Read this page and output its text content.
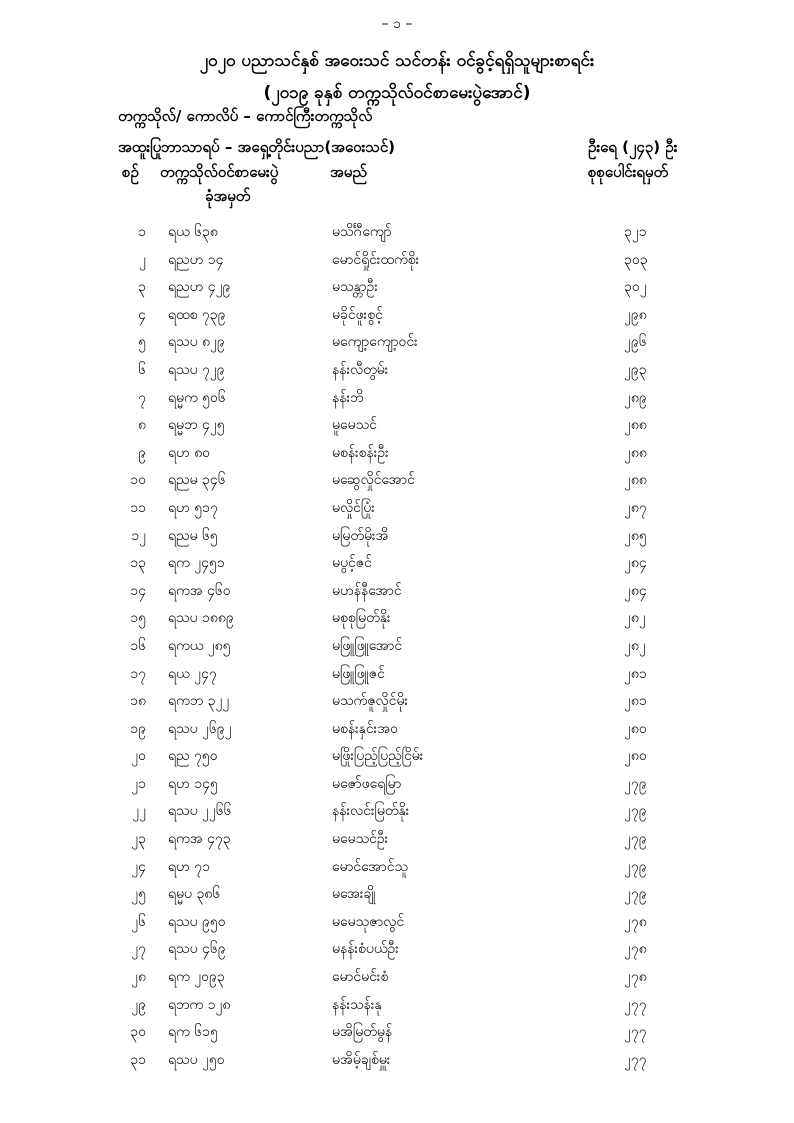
– ၁ –
၂၀၂၀ ပညာသင်နှစ် အဝေးသင် သင်တန်း ဝင်ခွင့်ရရှိသူများစာရင်း
(၂၀၁၉ ခုနှစ် တက္ကသိုလ်ဝင်စာမေးပွဲအောင်)
တက္ကသိုလ်/ ကောလိပ် – ကောင်ကြီးတက္ကသိုလ်
အထူးပြုဘာသာရပ် – အရှေ့တိုင်းပညာ(အဝေးသင်)	ဦးရေ (၂၄၃) ဦး
စဉ် တက္ကသိုလ်ဝင်စာမေးပွဲ
ခုံအမှတ်
အမည်	စုစုပေါင်းရမှတ်
၁ ရယ ၆၃၈	မသိင်္ဂီကျော်	၃၂၁
၂ ရညဟ ၁၄	မောင်ရှိုင်းထက်စိုး	၃၀၃
၃ ရညဟ ၄၂၉	မသန္တာဦး	၃၀၂
၄ ရထစ ၇၃၉	မခိုင်ဖူးစွင့်	၂၉၈
၅ ရသပ ၈၂၉	မကျော့ကျော့ဝင်း	၂၉၆
၆ ရသပ ၇၂၉	နန်းလီတွမ်း	၂၉၃
၇ ရမ္မက ၅၀၆	နန်းဘိ	၂၈၉
၈ ရမ္မဘ ၄၂၅	မူမေသင်	၂၈၈
၉ ရဟ ၈၀	မစန်းစန်းဦး	၂၈၈
၁၀ ရညမ ၃၄၆	မဆွေလှိုင်အောင်	၂၈၈
၁၁ ရဟ ၅၁၇	မလှိုင်ပြုံး	၂၈၇
၁၂ ရညမ ၆၅	မမြတ်မိုးအိ	၂၈၅
၁၃ ရက ၂၄၅၁	မပွင့်ဇင်	၂၈၄
၁၄ ရကအ ၄၆၀	မဟန်နီအောင်	၂၈၄
၁၅ ရသပ ၁၈၈၉	မစုစုမြတ်နိုး	၂၈၂
၁၆ ရကယ ၂၈၅	မဖြူဖြူအောင်	၂၈၂
၁၇ ရယ ၂၄၇	မဖြူဖြူဇင်	၂၈၁
၁၈ ရကဘ ၃၂၂	မသက်ဇူလှိုင်မိုး	၂၈၁
၁၉ ရသပ ၂၆၉၂	မစန်းနှင်းအဝ	၂၈၀
၂၀ ရည ၇၅၀	မဖြိုးပြည့်ပြည့်ငြိမ်း	၂၈၀
၂၁ ရဟ ၁၄၅	မဇော်ဖရေမြာ	၂၇၉
၂၂ ရသပ ၂၂၆၆	နန်းလင်းမြတ်နိုး	၂၇၉
၂၃ ရကအ ၄၇၃	မမေသင်ဦး	၂၇၉
၂၄ ရဟ ၇၁	မောင်အောင်သူ	၂၇၉
၂၅ ရမ္မပ ၃၈၆	မအေးချို	၂၇၉
၂၆ ရသပ ၉၅၀	မမေသုဇာလွင်	၂၇၈
၂၇ ရသပ ၄၆၉	မနန်းစံပယ်ဦး	၂၇၈
၂၈ ရက ၂၀၉၃	မောင်မင်းစံ	၂၇၈
၂၉ ရဘက ၁၂၈	နန်းသန်းနု	၂၇၇
၃၀ ရက ၆၁၅	မအိမြတ်မွန်	၂၇၇
၃၁ ရသပ ၂၅၀	မအိမ့်ချစ်မှူး	၂၇၇
